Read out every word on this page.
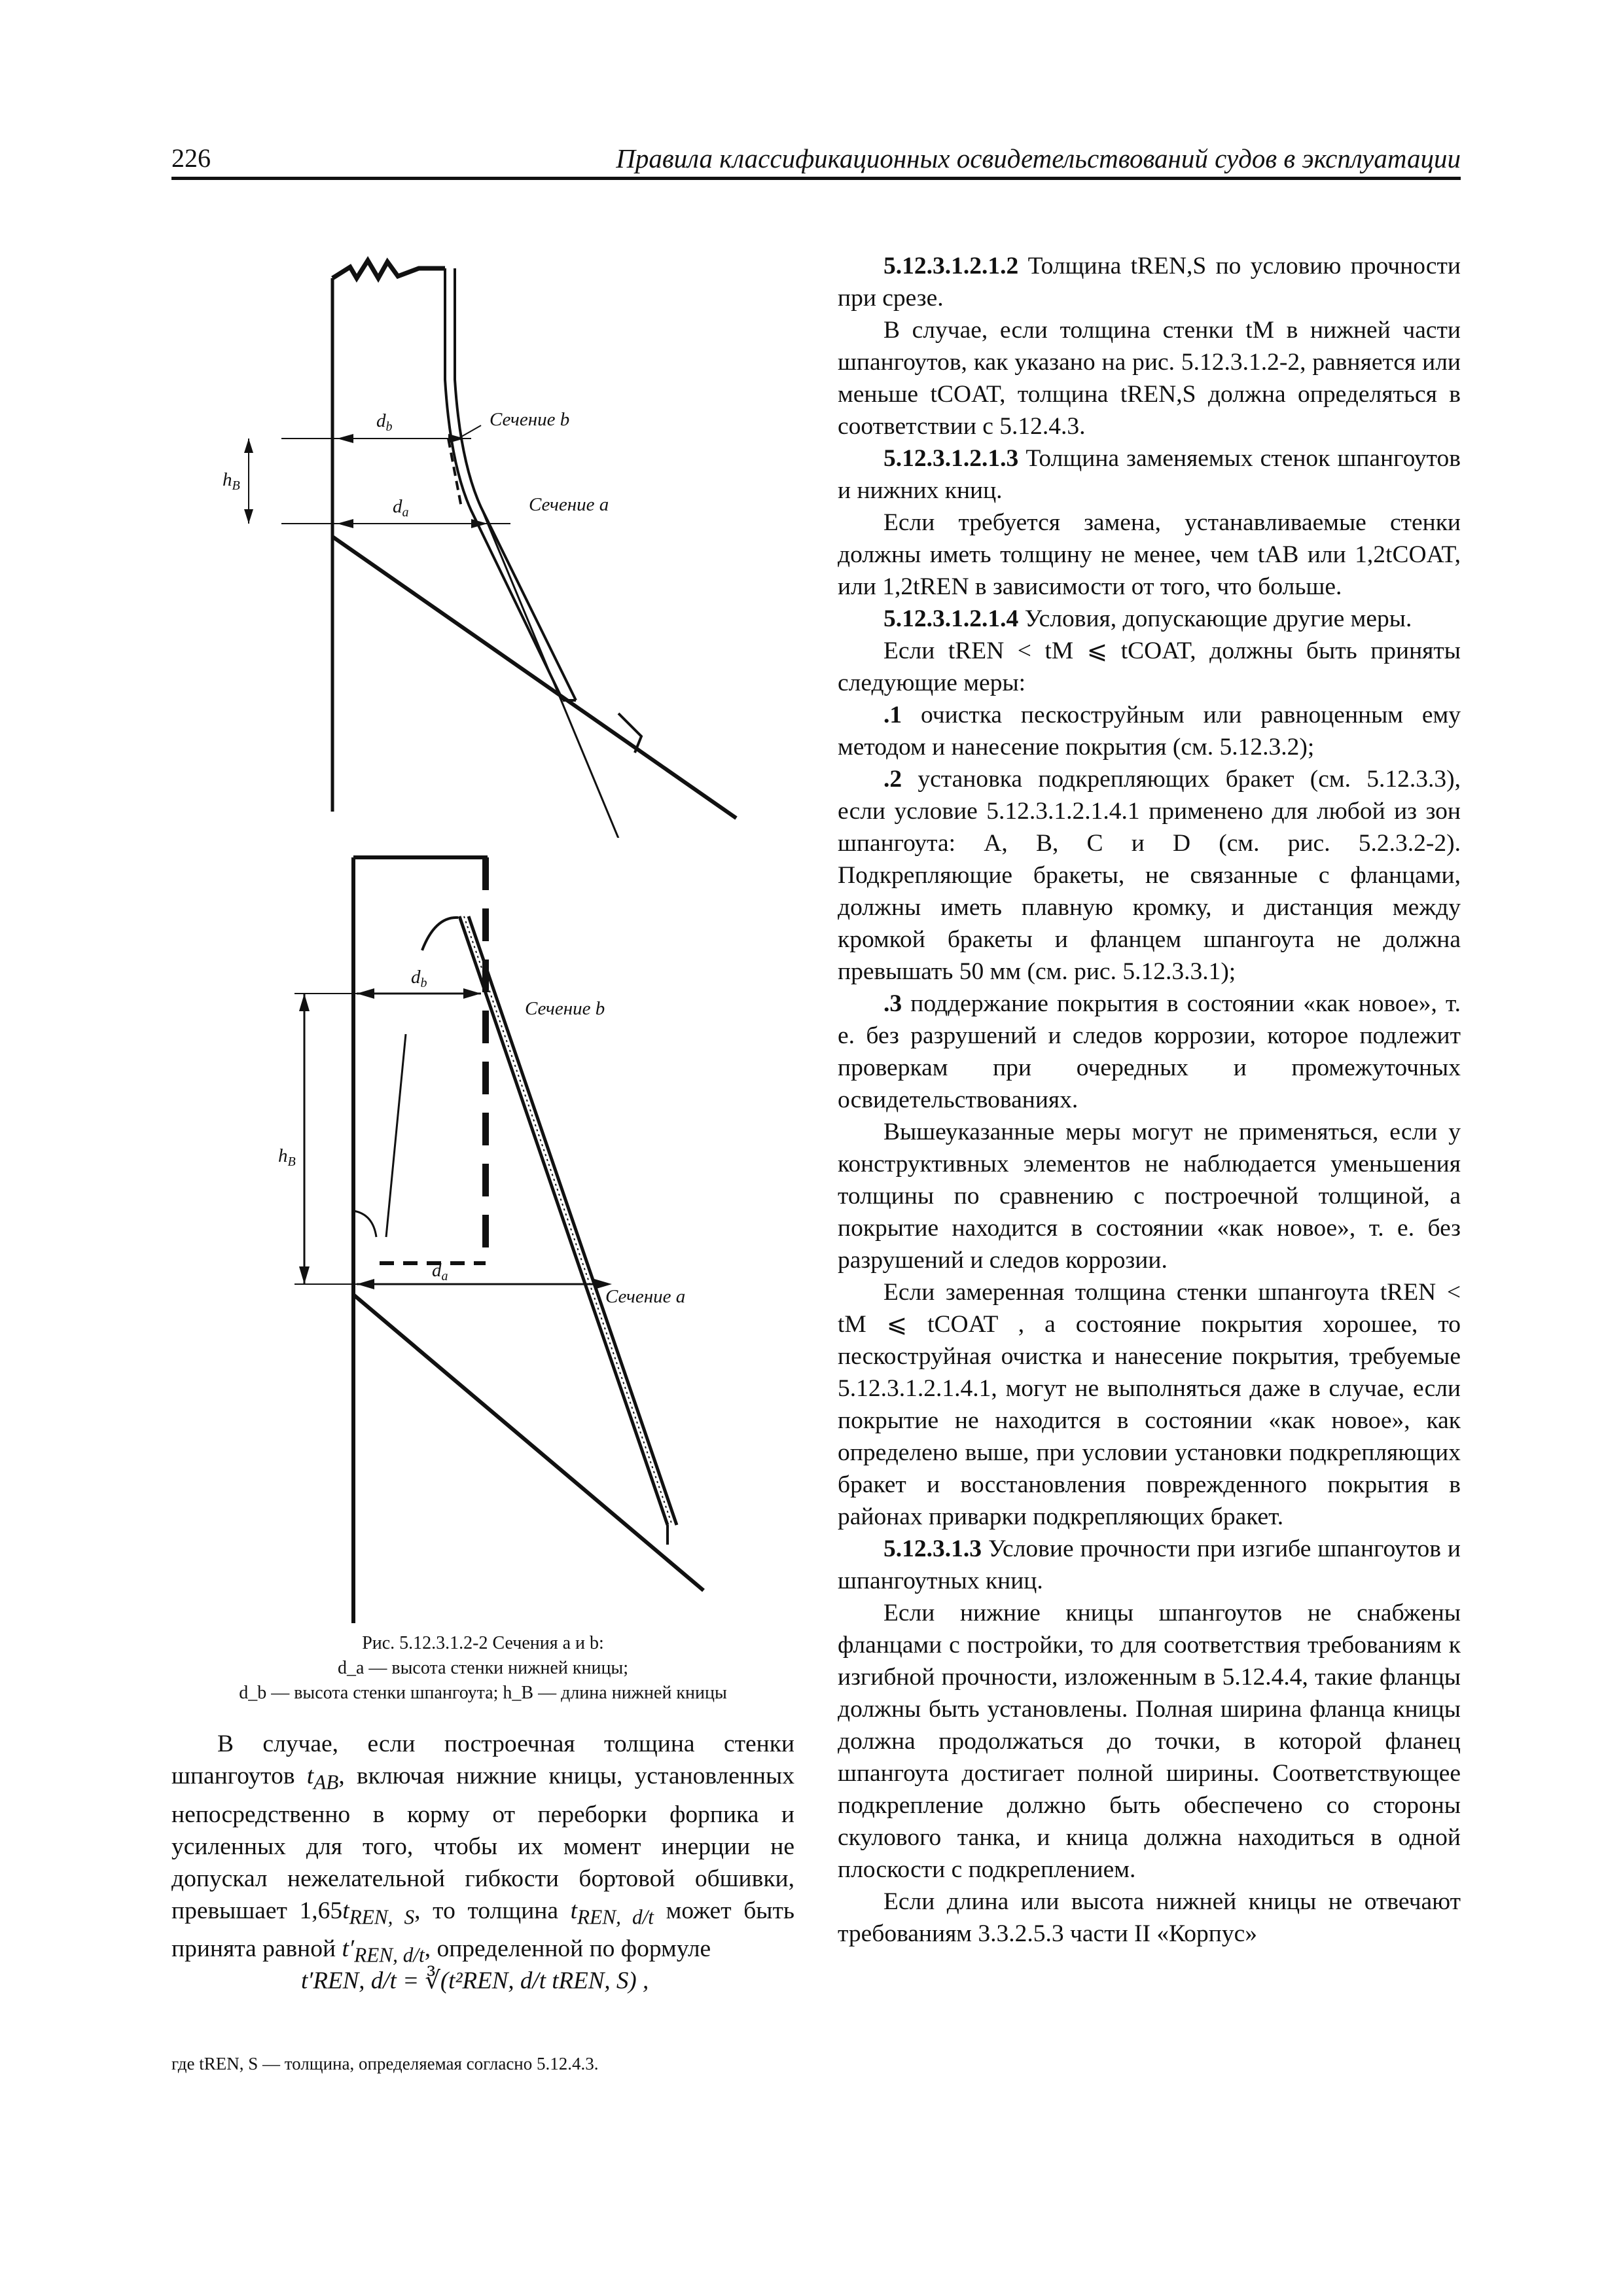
226	Правила классификационных освидетельствований судов в эксплуатации
$d_b$
$d_a$
$h_B$
Сечение b
Сечение a
$d_b$
$d_a$
$h_B$
Сечение b
Сечение a
Рис. 5.12.3.1.2-2 Сечения a и b:
d_a — высота стенки нижней кницы;
d_b — высота стенки шпангоута; h_B — длина нижней кницы

В случае, если построечная толщина стенки шпангоутов $t_{AB}$, включая нижние кницы, установленных непосредственно в корму от переборки форпика и усиленных для того, чтобы их момент инерции не допускал нежелательной гибкости бортовой обшивки, превышает $1,65t_{REN, S}$, то толщина $t_{REN, d/t}$ может быть принята равной $t'_{REN, d/t}$, определенной по формуле

t′REN, d/t = ∛(t²REN, d/t tREN, S) ,
где tREN, S — толщина, определяемая согласно 5.12.4.3.

5.12.3.1.2.1.2 Толщина tREN,S по условию прочности при срезе.

В случае, если толщина стенки tM в нижней части шпангоутов, как указано на рис. 5.12.3.1.2-2, равняется или меньше tCOAT, толщина tREN,S должна определяться в соответствии с 5.12.4.3.

5.12.3.1.2.1.3 Толщина заменяемых стенок шпангоутов и нижних книц.

Если требуется замена, устанавливаемые стенки должны иметь толщину не менее, чем tAB или 1,2tCOAT, или 1,2tREN в зависимости от того, что больше.

5.12.3.1.2.1.4 Условия, допускающие другие меры.

Если tREN < tM ⩽ tCOAT, должны быть приняты следующие меры:

.1 очистка пескоструйным или равноценным ему методом и нанесение покрытия (см. 5.12.3.2);

.2 установка подкрепляющих бракет (см. 5.12.3.3), если условие 5.12.3.1.2.1.4.1 применено для любой из зон шпангоута: A, B, C и D (см. рис. 5.2.3.2-2). Подкрепляющие бракеты, не связанные с фланцами, должны иметь плавную кромку, и дистанция между кромкой бракеты и фланцем шпангоута не должна превышать 50 мм (см. рис. 5.12.3.3.1);

.3 поддержание покрытия в состоянии «как новое», т. е. без разрушений и следов коррозии, которое подлежит проверкам при очередных и промежуточных освидетельствованиях.

Вышеуказанные меры могут не применяться, если у конструктивных элементов не наблюдается уменьшения толщины по сравнению с построечной толщиной, а покрытие находится в состоянии «как новое», т. е. без разрушений и следов коррозии.

Если замеренная толщина стенки шпангоута tREN < tM ⩽ tCOAT , а состояние покрытия хорошее, то пескоструйная очистка и нанесение покрытия, требуемые 5.12.3.1.2.1.4.1, могут не выполняться даже в случае, если покрытие не находится в состоянии «как новое», как определено выше, при условии установки подкрепляющих бракет и восстановления поврежденного покрытия в районах приварки подкрепляющих бракет.

5.12.3.1.3 Условие прочности при изгибе шпангоутов и шпангоутных книц.

Если нижние кницы шпангоутов не снабжены фланцами с постройки, то для соответствия требованиям к изгибной прочности, изложенным в 5.12.4.4, такие фланцы должны быть установлены. Полная ширина фланца кницы должна продолжаться до точки, в которой фланец шпангоута достигает полной ширины. Соответствующее подкрепление должно быть обеспечено со стороны скулового танка, и кница должна находиться в одной плоскости с подкреплением.

Если длина или высота нижней кницы не отвечают требованиям 3.3.2.5.3 части II «Корпус»
